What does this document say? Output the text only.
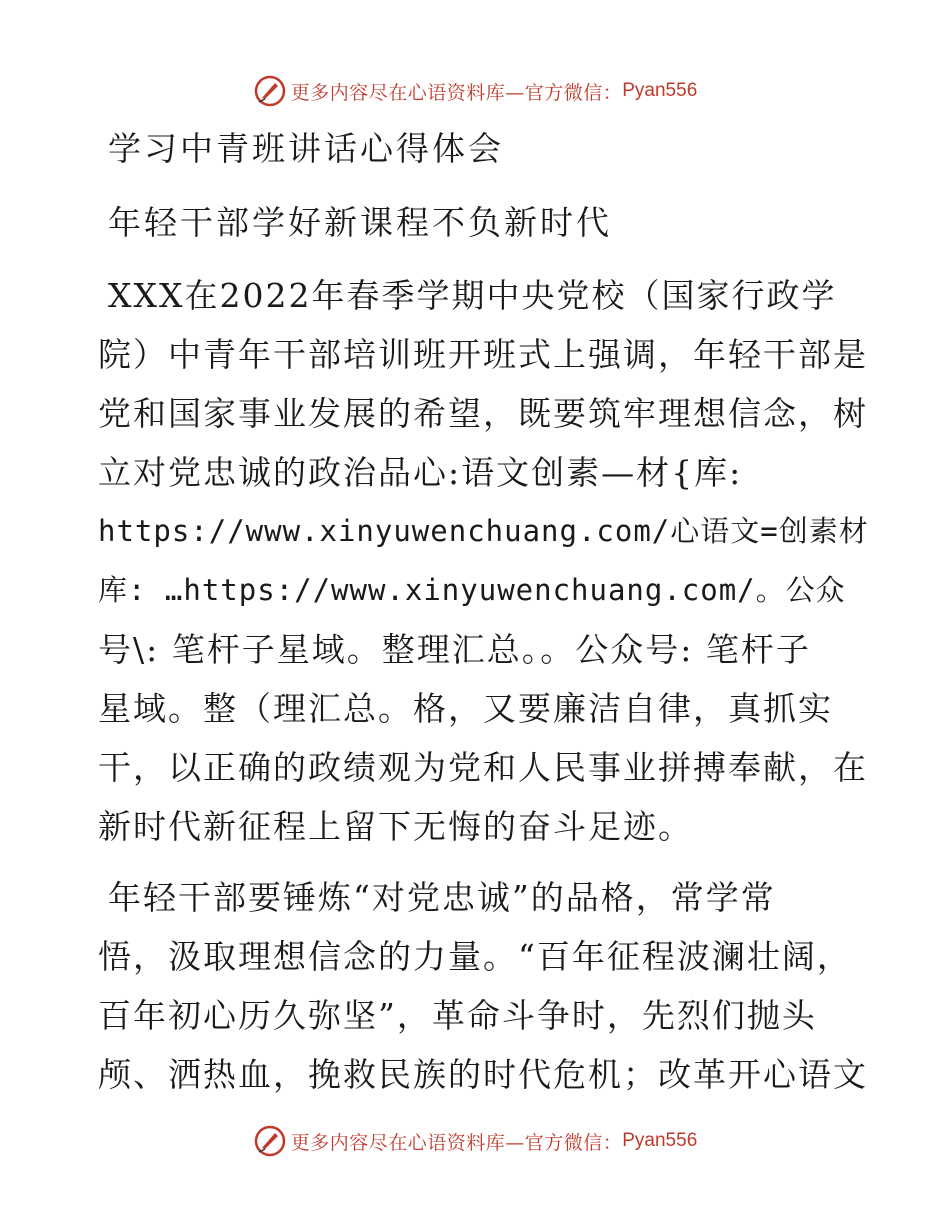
更多内容尽在心语资料库 —官方微信： Pyan556
学习中青班讲话心得体会
年轻干部学好新课程不负新时代
XXX在2022年春季学期中央党校（国家行政学
院）中青年干部培训班开班式上强调，年轻干部是
党和国家事业发展的希望，既要筑牢理想信念，树
立对党忠诚的政治品心:语文创素—材{库:
https://www.xinyuwenchuang.com/心语文=创素材
库: …https://www.xinyuwenchuang.com/。公众
号\: 笔杆子星域。整理汇总。。公众号: 笔杆子
星域。整（理汇总。格，又要廉洁自律，真抓实
干，以正确的政绩观为党和人民事业拼搏奉献，在
新时代新征程上留下无悔的奋斗足迹。
年轻干部要锤炼“对党忠诚”的品格，常学常
悟，汲取理想信念的力量。“百年征程波澜壮阔，
百年初心历久弥坚”，革命斗争时，先烈们抛头
颅、洒热血，挽救民族的时代危机；改革开心语文
更多内容尽在心语资料库 —官方微信： Pyan556
